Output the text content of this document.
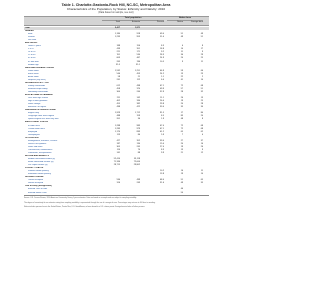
Table 1. Charlotte-Gastonia-Rock Hill, NC-SC, Metropolitan Area
Characteristics of the Population, by Status: Ethnicity and Nativity: 2010
(Data based on sample, see text)
Total population	Native-born
Total	Estimate	Percent	Native	Foreign-born
Total	2,417	1,871
GENDER
Male	1,184	918	49.0	51	49
Female	1,233	953	51.0	49	51
Sex ratio
AGE GROUP
Under 5 years	188	156	8.3	6	8
5 to 17	439	351	18.8	14	17
18 to 24	221	171	9.2	11	9
25 to 44	701	530	28.3	36	29
45 to 64	603	467	24.9	24	25
65 and over	265	196	10.5	9	11
Median age	35.5	35.1
RACE AND HISPANIC ORIGIN
White alone	1,592	1,251	66.9	59	66
Black alone	546	453	24.2	13	23
Asian alone	58	21	1.1	22	2
Hispanic (any race)	241	112	6.0	41	10
HOUSEHOLDS BY TYPE
Family households	612	498	67.1	72	68
Married-couple family	458	370	49.9	57	51
Nonfamily households	300	244	32.9	28	32
EDUCATIONAL ATTAINMENT
Less than high school	211	142	11.1	26	13
High school graduate	402	334	26.0	19	25
Some college	455	382	29.8	20	28
Bachelor's or higher	498	422	33.0	35	34
LANGUAGE SPOKEN AT HOME
English only	1,929	1,712	91.5	17	80
Language other than English	488	159	8.5	83	20
Speak English less than very well	201	36	1.9	48	8
EMPLOYMENT STATUS
In labor force	1,288	983	67.4	72	68
Civilian labor force	1,283	979	67.1	72	68
Employed	1,170	893	61.2	65	62
Unemployed	113	86	5.9	7	6
OCCUPATION
Management, business, science	427	352	39.4	27	37
Service occupations	187	134	15.0	20	16
Sales and office	305	245	27.4	19	26
Construction, maintenance	110	74	8.3	13	9
Production, transportation	141	88	9.9	21	12
INCOME AND BENEFITS
Median household income ($)	52,410	53,118
Mean household income ($)	71,336	72,004
Per capita income ($)	28,715	29,802
POVERTY STATUS
Families below poverty	10.2	16	11
Individuals below poverty	13.8	19	14
HOUSING TENURE
Owner-occupied	596	499	68.4	51	65
Renter-occupied	316	243	31.6	49	35
Year of Entry (foreign-born)
Entered 2000 or later	46
Entered before 2000	54
Source: U.S. Census Bureau, 2010 American Community Survey 1-year estimates. Data are based on a sample and are subject to sampling variability.
The degree of uncertainty for an estimate arising from sampling variability is represented through the use of a margin of error. Percentages may not sum to 100 due to rounding.
Native includes persons born in the United States, Puerto Rico, U.S. Island Areas, or born abroad to a U.S. citizen parent. Foreign-born includes all other persons.
